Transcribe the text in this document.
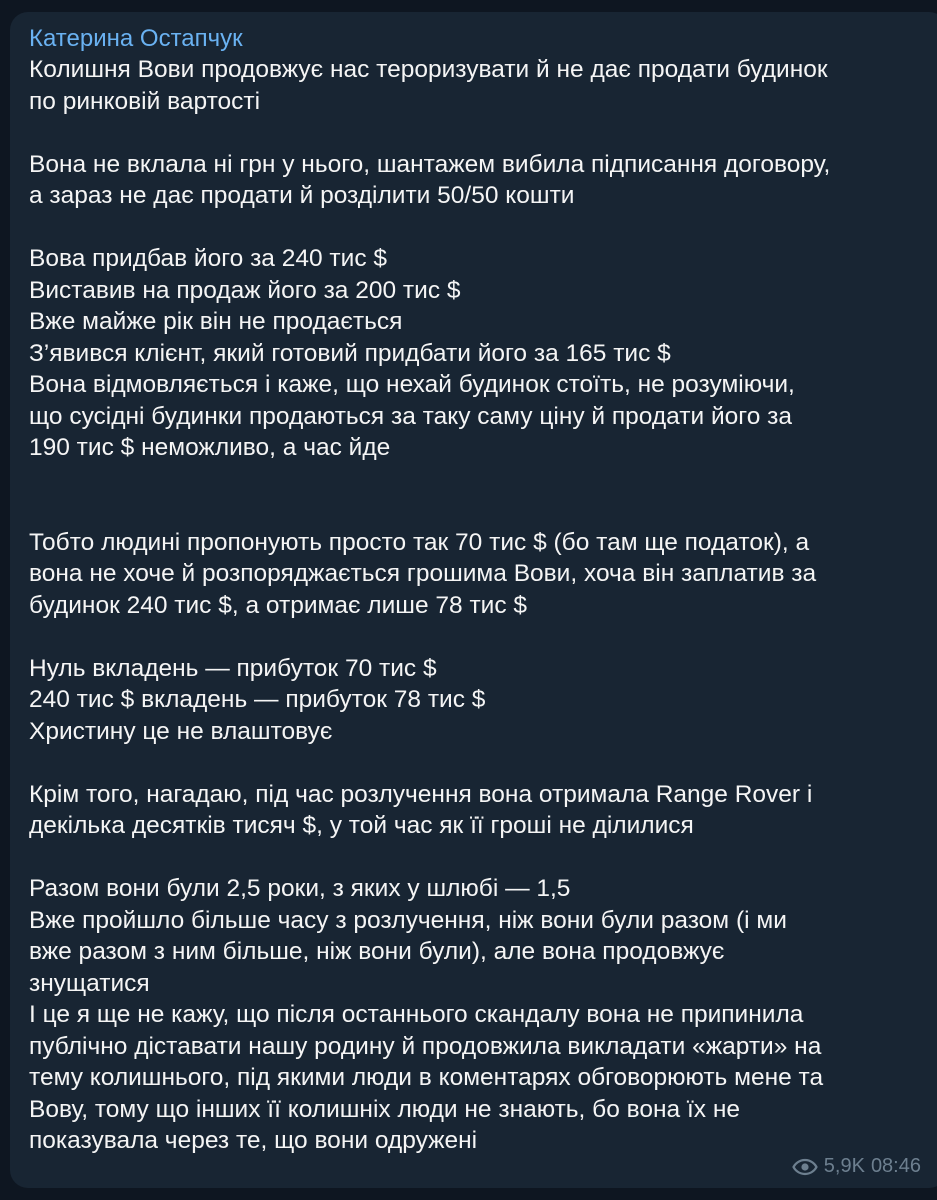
Катерина Остапчук
Колишня Вови продовжує нас тероризувати й не дає продати будинок
по ринковій вартості
Вона не вклала ні грн у нього, шантажем вибила підписання договору,
а зараз не дає продати й розділити 50/50 кошти
Вова придбав його за 240 тис $
Виставив на продаж його за 200 тис $
Вже майже рік він не продається
З’явився клієнт, який готовий придбати його за 165 тис $
Вона відмовляється і каже, що нехай будинок стоїть, не розуміючи,
що сусідні будинки продаються за таку саму ціну й продати його за
190 тис $ неможливо, а час йде
Тобто людині пропонують просто так 70 тис $ (бо там ще податок), а
вона не хоче й розпоряджається грошима Вови, хоча він заплатив за
будинок 240 тис $, а отримає лише 78 тис $
Нуль вкладень — прибуток 70 тис $
240 тис $ вкладень — прибуток 78 тис $
Христину це не влаштовує
Крім того, нагадаю, під час розлучення вона отримала Range Rover і
декілька десятків тисяч $, у той час як її гроші не ділилися
Разом вони були 2,5 роки, з яких у шлюбі — 1,5
Вже пройшло більше часу з розлучення, ніж вони були разом (і ми
вже разом з ним більше, ніж вони були), але вона продовжує
знущатися
І це я ще не кажу, що після останнього скандалу вона не припинила
публічно діставати нашу родину й продовжила викладати «жарти» на
тему колишнього, під якими люди в коментарях обговорюють мене та
Вову, тому що інших її колишніх люди не знають, бо вона їх не
показувала через те, що вони одружені
5,9K 08:46
